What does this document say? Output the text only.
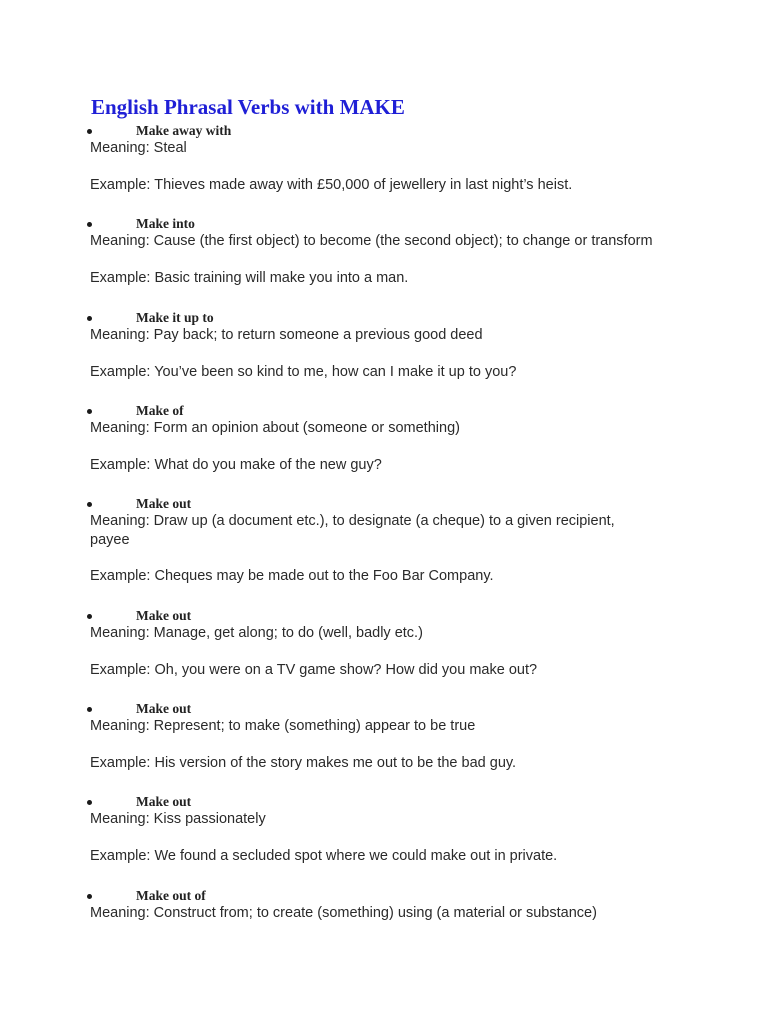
English Phrasal Verbs with MAKE
Make away with
Meaning: Steal
Example: Thieves made away with £50,000 of jewellery in last night’s heist.
Make into
Meaning: Cause (the first object) to become (the second object); to change or transform
Example: Basic training will make you into a man.
Make it up to
Meaning: Pay back; to return someone a previous good deed
Example: You’ve been so kind to me, how can I make it up to you?
Make of
Meaning: Form an opinion about (someone or something)
Example: What do you make of the new guy?
Make out
Meaning: Draw up (a document etc.), to designate (a cheque) to a given recipient, payee
Example: Cheques may be made out to the Foo Bar Company.
Make out
Meaning: Manage, get along; to do (well, badly etc.)
Example: Oh, you were on a TV game show? How did you make out?
Make out
Meaning: Represent; to make (something) appear to be true
Example: His version of the story makes me out to be the bad guy.
Make out
Meaning: Kiss passionately
Example: We found a secluded spot where we could make out in private.
Make out of
Meaning: Construct from; to create (something) using (a material or substance)
